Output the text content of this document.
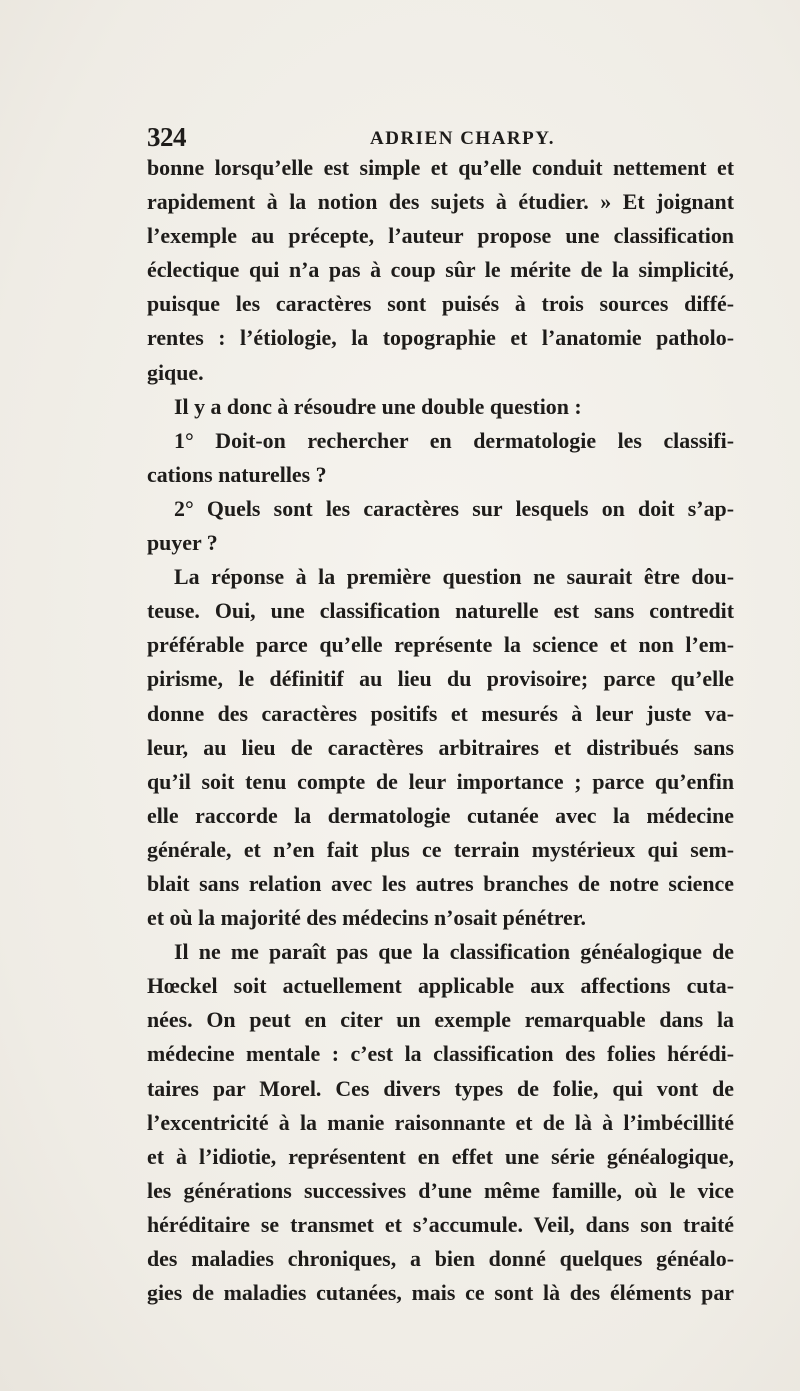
324	ADRIEN CHARPY.
bonne lorsqu’elle est simple et qu’elle conduit nettement et
rapidement à la notion des sujets à étudier. » Et joignant
l’exemple au précepte, l’auteur propose une classification
éclectique qui n’a pas à coup sûr le mérite de la simplicité,
puisque les caractères sont puisés à trois sources diffé-
rentes : l’étiologie, la topographie et l’anatomie patholo-
gique.
Il y a donc à résoudre une double question :
1° Doit-on rechercher en dermatologie les classifi-
cations naturelles ?
2° Quels sont les caractères sur lesquels on doit s’ap-
puyer ?
La réponse à la première question ne saurait être dou-
teuse. Oui, une classification naturelle est sans contredit
préférable parce qu’elle représente la science et non l’em-
pirisme, le définitif au lieu du provisoire; parce qu’elle
donne des caractères positifs et mesurés à leur juste va-
leur, au lieu de caractères arbitraires et distribués sans
qu’il soit tenu compte de leur importance ; parce qu’enfin
elle raccorde la dermatologie cutanée avec la médecine
générale, et n’en fait plus ce terrain mystérieux qui sem-
blait sans relation avec les autres branches de notre science
et où la majorité des médecins n’osait pénétrer.
Il ne me paraît pas que la classification généalogique de
Hœckel soit actuellement applicable aux affections cuta-
nées. On peut en citer un exemple remarquable dans la
médecine mentale : c’est la classification des folies hérédi-
taires par Morel. Ces divers types de folie, qui vont de
l’excentricité à la manie raisonnante et de là à l’imbécillité
et à l’idiotie, représentent en effet une série généalogique,
les générations successives d’une même famille, où le vice
héréditaire se transmet et s’accumule. Veil, dans son traité
des maladies chroniques, a bien donné quelques généalo-
gies de maladies cutanées, mais ce sont là des éléments par
